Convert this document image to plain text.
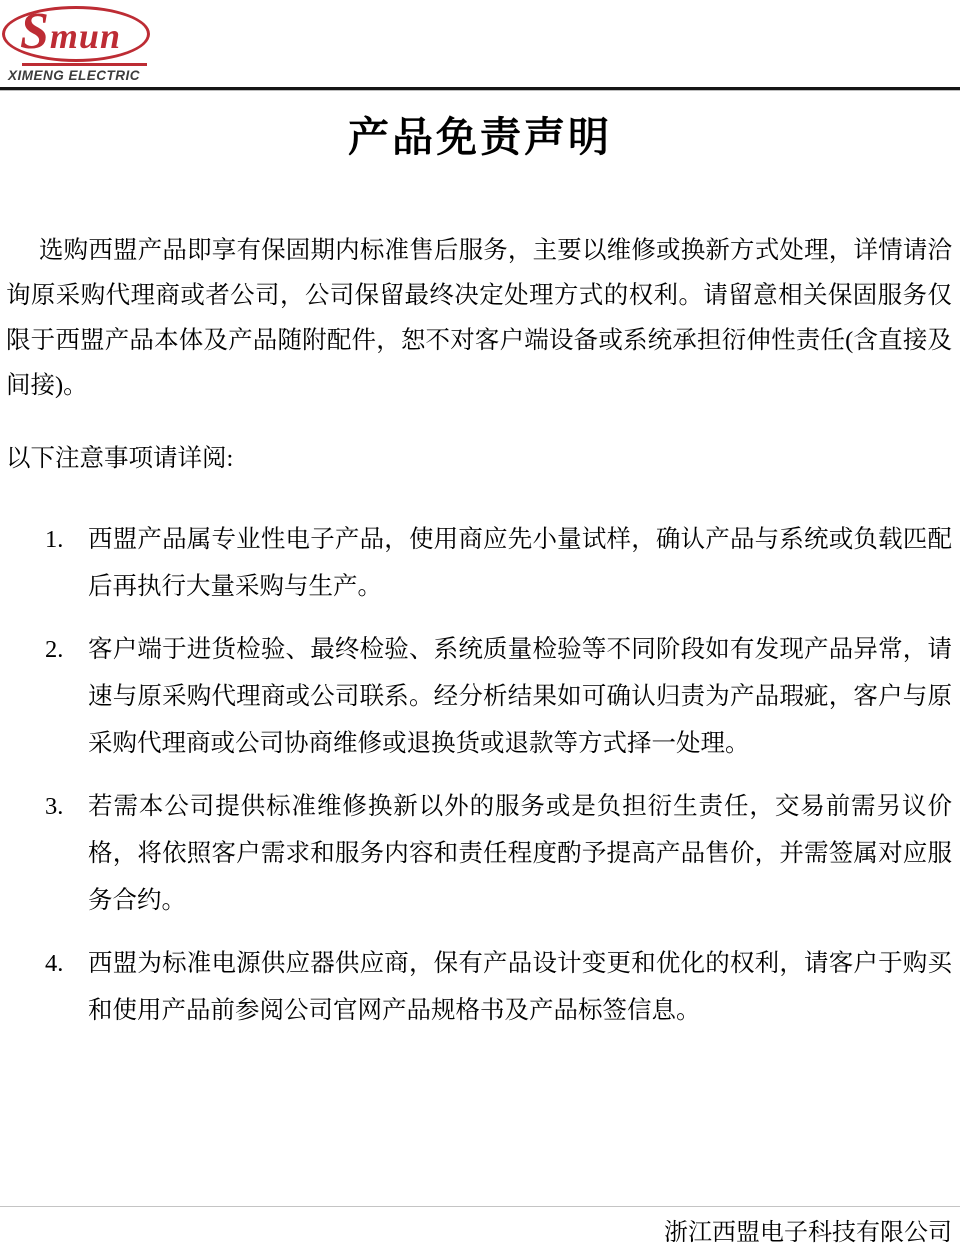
Smun
XIMENG ELECTRIC
产品免责声明
选购西盟产品即享有保固期内标准售后服务，主要以维修或换新方式处理，详情请洽询原采购代理商或者公司，公司保留最终决定处理方式的权利。请留意相关保固服务仅限于西盟产品本体及产品随附配件，恕不对客户端设备或系统承担衍伸性责任(含直接及间接)。
以下注意事项请详阅:
1.	西盟产品属专业性电子产品，使用商应先小量试样，确认产品与系统或负载匹配后再执行大量采购与生产。
2.	客户端于进货检验、最终检验、系统质量检验等不同阶段如有发现产品异常，请速与原采购代理商或公司联系。经分析结果如可确认归责为产品瑕疵，客户与原采购代理商或公司协商维修或退换货或退款等方式择一处理。
3.	若需本公司提供标准维修换新以外的服务或是负担衍生责任，交易前需另议价格，将依照客户需求和服务内容和责任程度酌予提高产品售价，并需签属对应服务合约。
4.	西盟为标准电源供应器供应商，保有产品设计变更和优化的权利，请客户于购买和使用产品前参阅公司官网产品规格书及产品标签信息。
浙江西盟电子科技有限公司
